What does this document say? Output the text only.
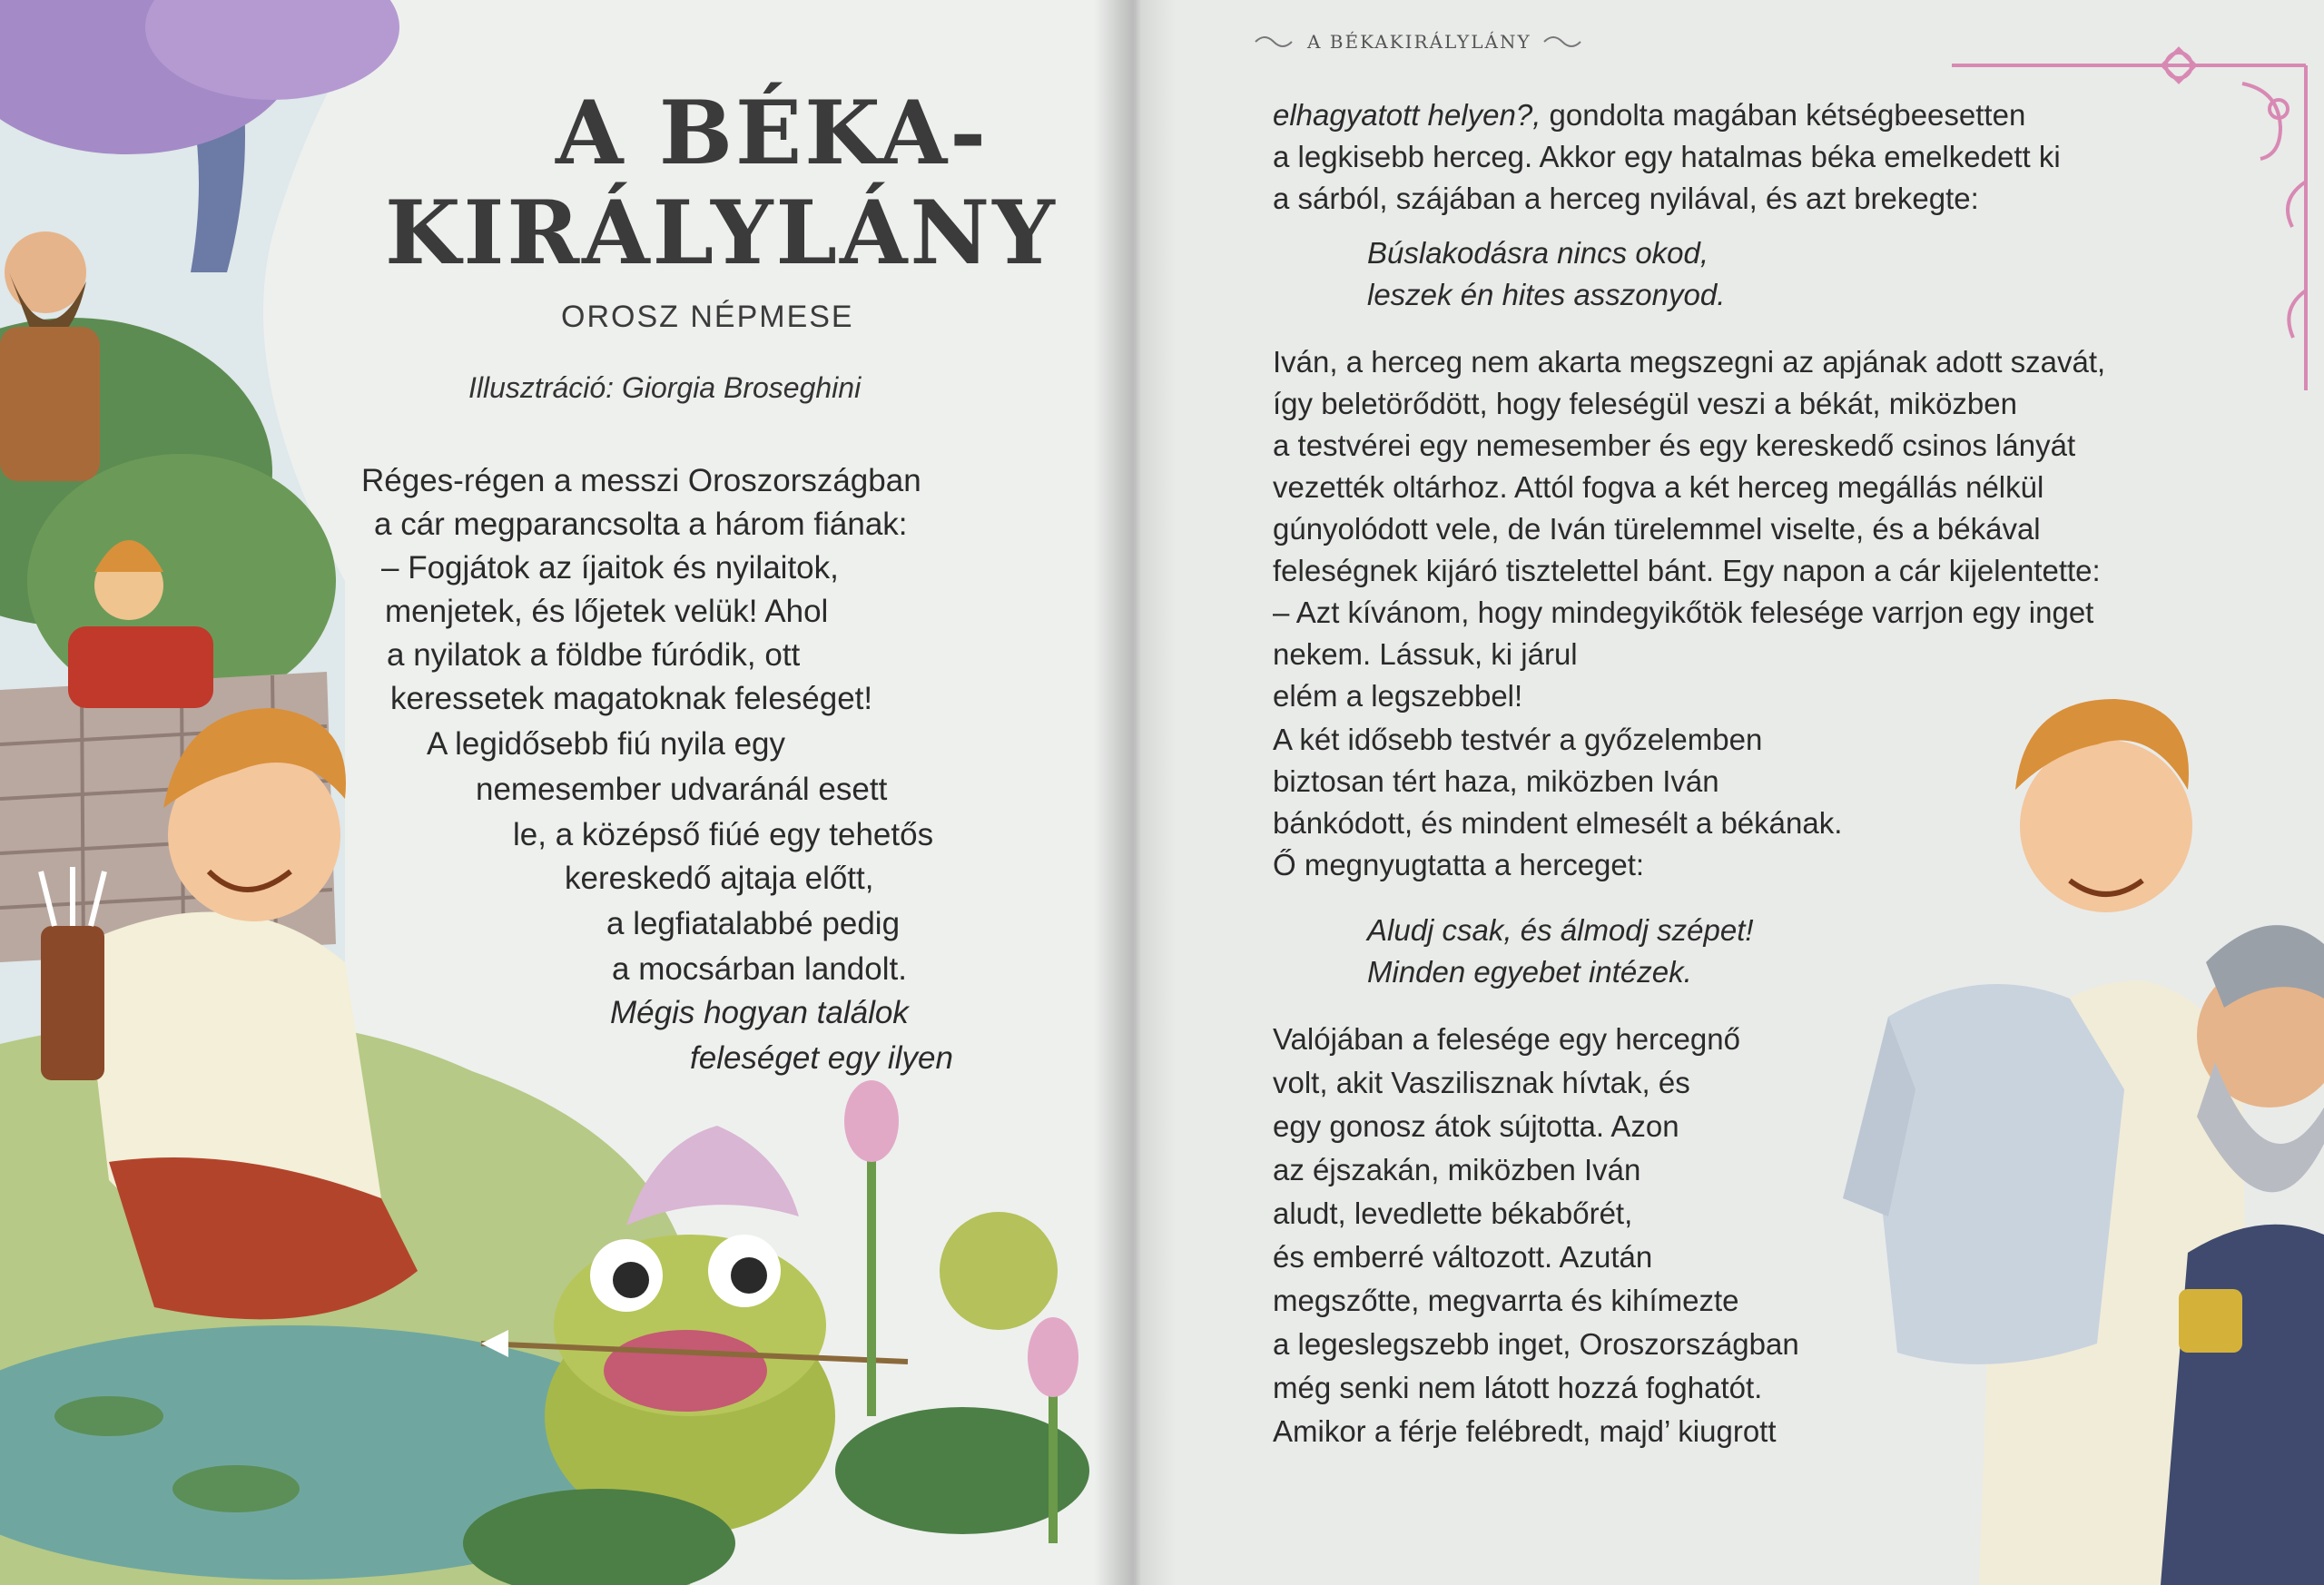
A BÉKA-
KIRÁLYLÁNY
OROSZ NÉPMESE
Illusztráció: Giorgia Broseghini
Réges-régen a messzi Oroszországban
a cár megparancsolta a három fiának:
– Fogjátok az íjaitok és nyilaitok,
menjetek, és lőjetek velük! Ahol
a nyilatok a földbe fúródik, ott
keressetek magatoknak feleséget!
A legidősebb fiú nyila egy
nemesember udvaránál esett
le, a középső fiúé egy tehetős
kereskedő ajtaja előtt,
a legfiatalabbé pedig
a mocsárban landolt.
Mégis hogyan találok
feleséget egy ilyen
A BÉKAKIRÁLYLÁNY
elhagyatott helyen?, gondolta magában kétségbeesetten
a legkisebb herceg. Akkor egy hatalmas béka emelkedett ki
a sárból, szájában a herceg nyilával, és azt brekegte:
Búslakodásra nincs okod,
leszek én hites asszonyod.
Iván, a herceg nem akarta megszegni az apjának adott szavát,
így beletörődött, hogy feleségül veszi a békát, miközben
a testvérei egy nemesember és egy kereskedő csinos lányát
vezették oltárhoz. Attól fogva a két herceg megállás nélkül
gúnyolódott vele, de Iván türelemmel viselte, és a békával
feleségnek kijáró tisztelettel bánt. Egy napon a cár kijelentette:
– Azt kívánom, hogy mindegyikőtök felesége varrjon egy inget
nekem. Lássuk, ki járul
elém a legszebbel!
A két idősebb testvér a győzelemben
biztosan tért haza, miközben Iván
bánkódott, és mindent elmesélt a békának.
Ő megnyugtatta a herceget:
Aludj csak, és álmodj szépet!
Minden egyebet intézek.
Valójában a felesége egy hercegnő
volt, akit Vaszilisznak hívtak, és
egy gonosz átok sújtotta. Azon
az éjszakán, miközben Iván
aludt, levedlette békabőrét,
és emberré változott. Azután
megszőtte, megvarrta és kihímezte
a legeslegszebb inget, Oroszországban
még senki nem látott hozzá foghatót.
Amikor a férje felébredt, majd’ kiugrott
